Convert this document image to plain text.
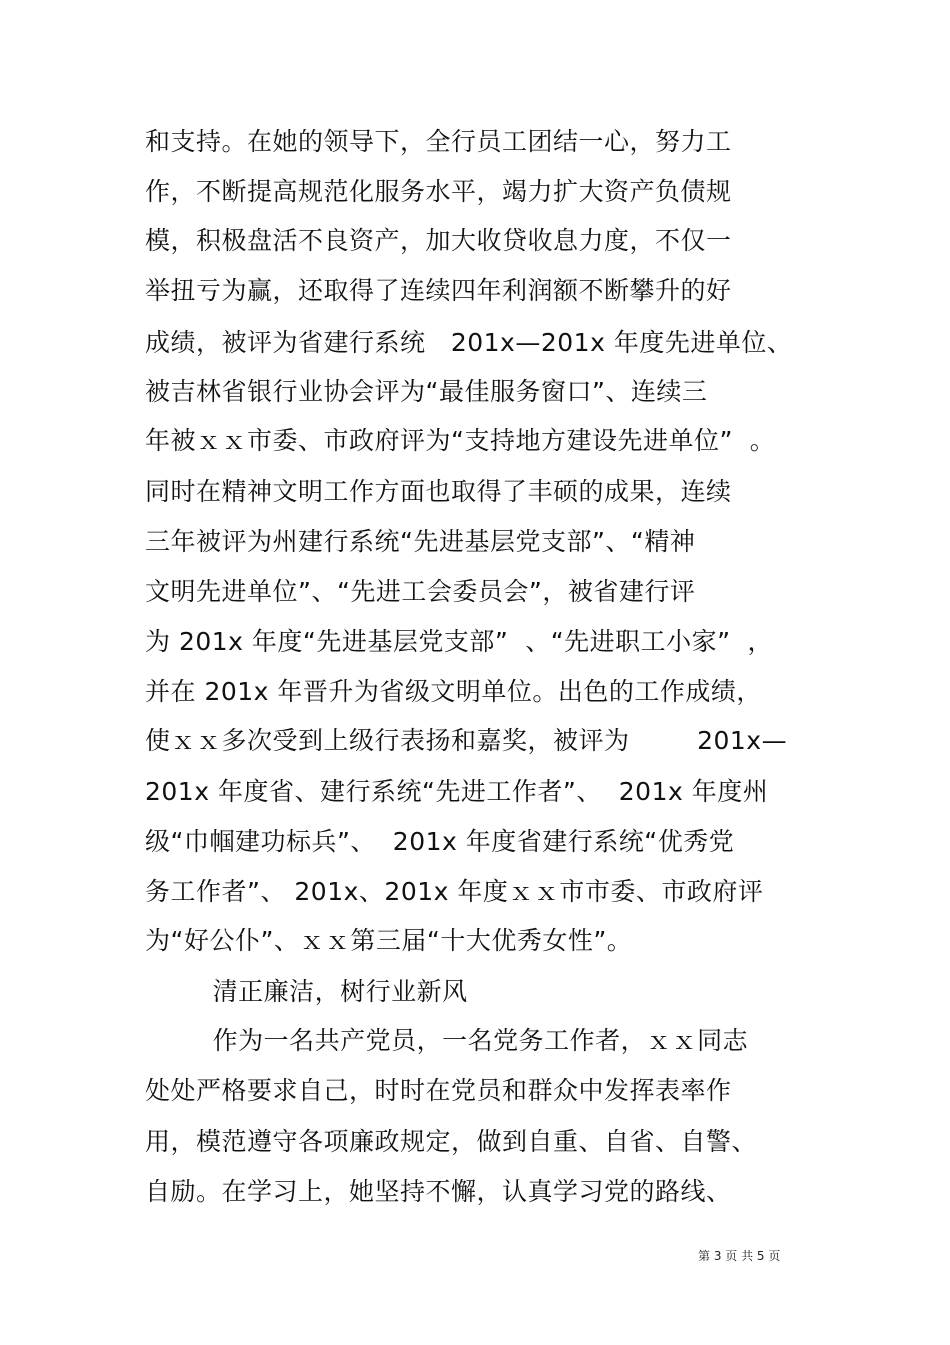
和支持。在她的领导下，全行员工团结一心，努力工
作，不断提高规范化服务水平，竭力扩大资产负债规
模，积极盘活不良资产，加大收贷收息力度，不仅一
举扭亏为赢，还取得了连续四年利润额不断攀升的好
成绩，被评为省建行系统   201x—201x 年度先进单位、
被吉林省银行业协会评为“最佳服务窗口”、连续三
年被ｘｘ市委、市政府评为“支持地方建设先进单位”  。
同时在精神文明工作方面也取得了丰硕的成果，连续
三年被评为州建行系统“先进基层党支部”、“精神
文明先进单位”、“先进工会委员会”，被省建行评
为 201x 年度“先进基层党支部”  、“先进职工小家”  ，
并在 201x 年晋升为省级文明单位。出色的工作成绩，
使ｘｘ多次受到上级行表扬和嘉奖，被评为        201x—
201x 年度省、建行系统“先进工作者”、  201x 年度州
级“巾帼建功标兵”、  201x 年度省建行系统“优秀党
务工作者”、 201x、201x 年度ｘｘ市市委、市政府评
为“好公仆”、ｘｘ第三届“十大优秀女性”。
清正廉洁，树行业新风
作为一名共产党员，一名党务工作者，ｘｘ同志
处处严格要求自己，时时在党员和群众中发挥表率作
用，模范遵守各项廉政规定，做到自重、自省、自警、
自励。在学习上，她坚持不懈，认真学习党的路线、
第 3 页 共 5 页
